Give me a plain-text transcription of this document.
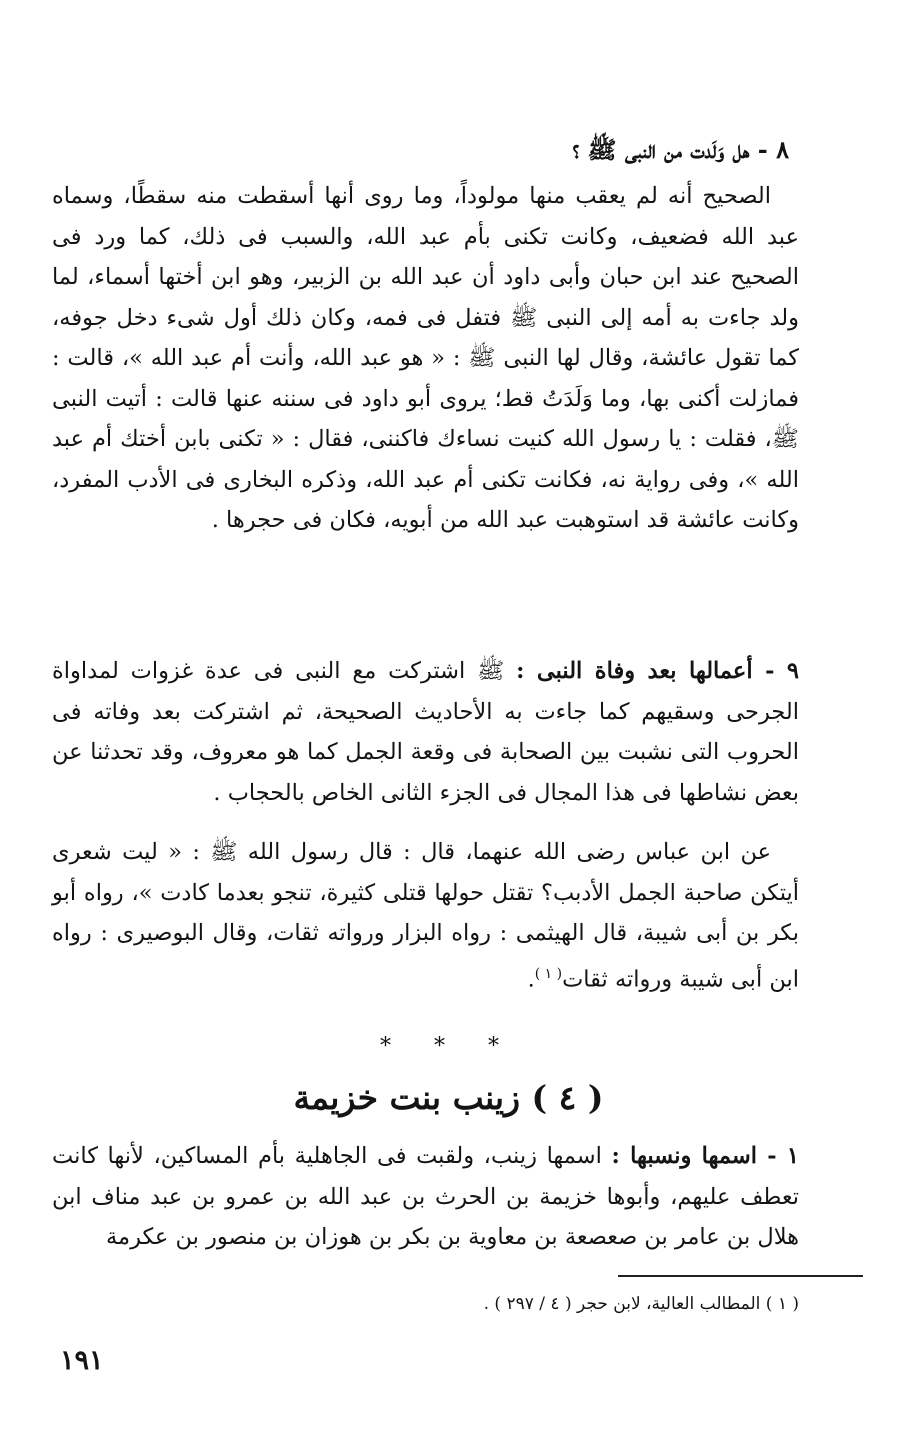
٨ - هل وَلَدت من النبى ﷺ ؟

الصحيح أنه لم يعقب منها مولوداً، وما روى أنها أسقطت منه سقطًا، وسماه عبد الله فضعيف، وكانت تكنى بأم عبد الله، والسبب فى ذلك، كما ورد فى الصحيح عند ابن حبان وأبى داود أن عبد الله بن الزبير، وهو ابن أختها أسماء، لما ولد جاءت به أمه إلى النبى ﷺ فتفل فى فمه، وكان ذلك أول شىء دخل جوفه، كما تقول عائشة، وقال لها النبى ﷺ : « هو عبد الله، وأنت أم عبد الله »، قالت : فمازلت أكنى بها، وما وَلَدَتُ قط؛ يروى أبو داود فى سننه عنها قالت : أتيت النبى ﷺ، فقلت : يا رسول الله كنيت نساءك فاكننى، فقال : « تكنى بابن أختك أم عبد الله »، وفى رواية نه، فكانت تكنى أم عبد الله، وذكره البخارى فى الأدب المفرد، وكانت عائشة قد استوهبت عبد الله من أبويه، فكان فى حجرها .

٩ - أعمالها بعد وفاة النبى : ﷺ اشتركت مع النبى فى عدة غزوات لمداواة الجرحى وسقيهم كما جاءت به الأحاديث الصحيحة، ثم اشتركت بعد وفاته فى الحروب التى نشبت بين الصحابة فى وقعة الجمل كما هو معروف، وقد تحدثنا عن بعض نشاطها فى هذا المجال فى الجزء الثانى الخاص بالحجاب .

عن ابن عباس رضى الله عنهما، قال : قال رسول الله ﷺ : « ليت شعرى أيتكن صاحبة الجمل الأدبب؟ تقتل حولها قتلى كثيرة، تنجو بعدما كادت »، رواه أبو بكر بن أبى شيبة، قال الهيثمى : رواه البزار ورواته ثقات، وقال البوصيرى : رواه ابن أبى شيبة ورواته ثقات$^{( ١ )}$.

* * *
( ٤ ) زينب بنت خزيمة

١ - اسمها ونسبها : اسمها زينب، ولقبت فى الجاهلية بأم المساكين، لأنها كانت تعطف عليهم، وأبوها خزيمة بن الحرث بن عبد الله بن عمرو بن عبد مناف ابن هلال بن عامر بن صعصعة بن معاوية بن بكر بن هوزان بن منصور بن عكرمة

( ١ ) المطالب العالية، لابن حجر ( ٤ / ٢٩٧ ) .
١٩١
